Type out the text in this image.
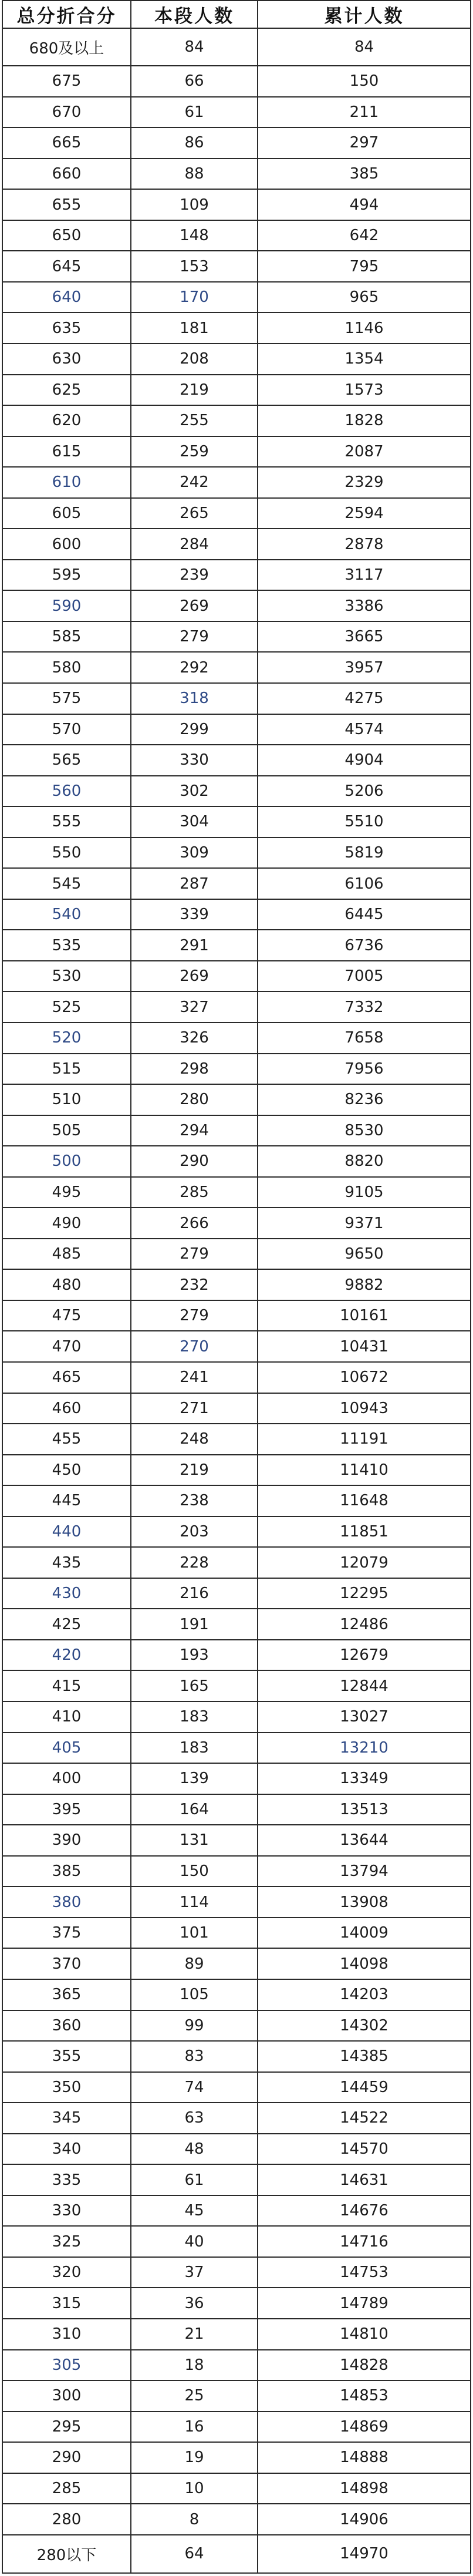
总分折合分	本段人数	累计人数
680及以上	84	84
675	66	150
670	61	211
665	86	297
660	88	385
655	109	494
650	148	642
645	153	795
640	170	965
635	181	1146
630	208	1354
625	219	1573
620	255	1828
615	259	2087
610	242	2329
605	265	2594
600	284	2878
595	239	3117
590	269	3386
585	279	3665
580	292	3957
575	318	4275
570	299	4574
565	330	4904
560	302	5206
555	304	5510
550	309	5819
545	287	6106
540	339	6445
535	291	6736
530	269	7005
525	327	7332
520	326	7658
515	298	7956
510	280	8236
505	294	8530
500	290	8820
495	285	9105
490	266	9371
485	279	9650
480	232	9882
475	279	10161
470	270	10431
465	241	10672
460	271	10943
455	248	11191
450	219	11410
445	238	11648
440	203	11851
435	228	12079
430	216	12295
425	191	12486
420	193	12679
415	165	12844
410	183	13027
405	183	13210
400	139	13349
395	164	13513
390	131	13644
385	150	13794
380	114	13908
375	101	14009
370	89	14098
365	105	14203
360	99	14302
355	83	14385
350	74	14459
345	63	14522
340	48	14570
335	61	14631
330	45	14676
325	40	14716
320	37	14753
315	36	14789
310	21	14810
305	18	14828
300	25	14853
295	16	14869
290	19	14888
285	10	14898
280	8	14906
280以下	64	14970
